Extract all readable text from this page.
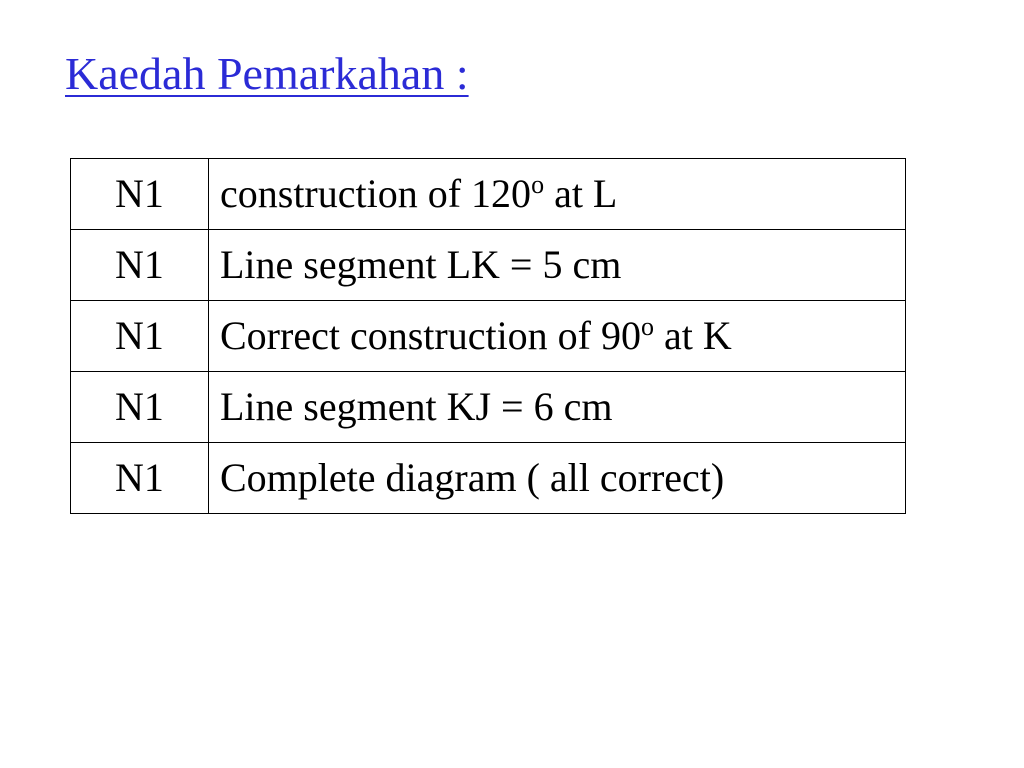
Kaedah Pemarkahan :
N1	construction of 120$^o$ at L
N1	Line segment LK = 5 cm
N1	Correct construction of 90$^o$ at K
N1	Line segment KJ = 6 cm
N1	Complete diagram ( all correct)
